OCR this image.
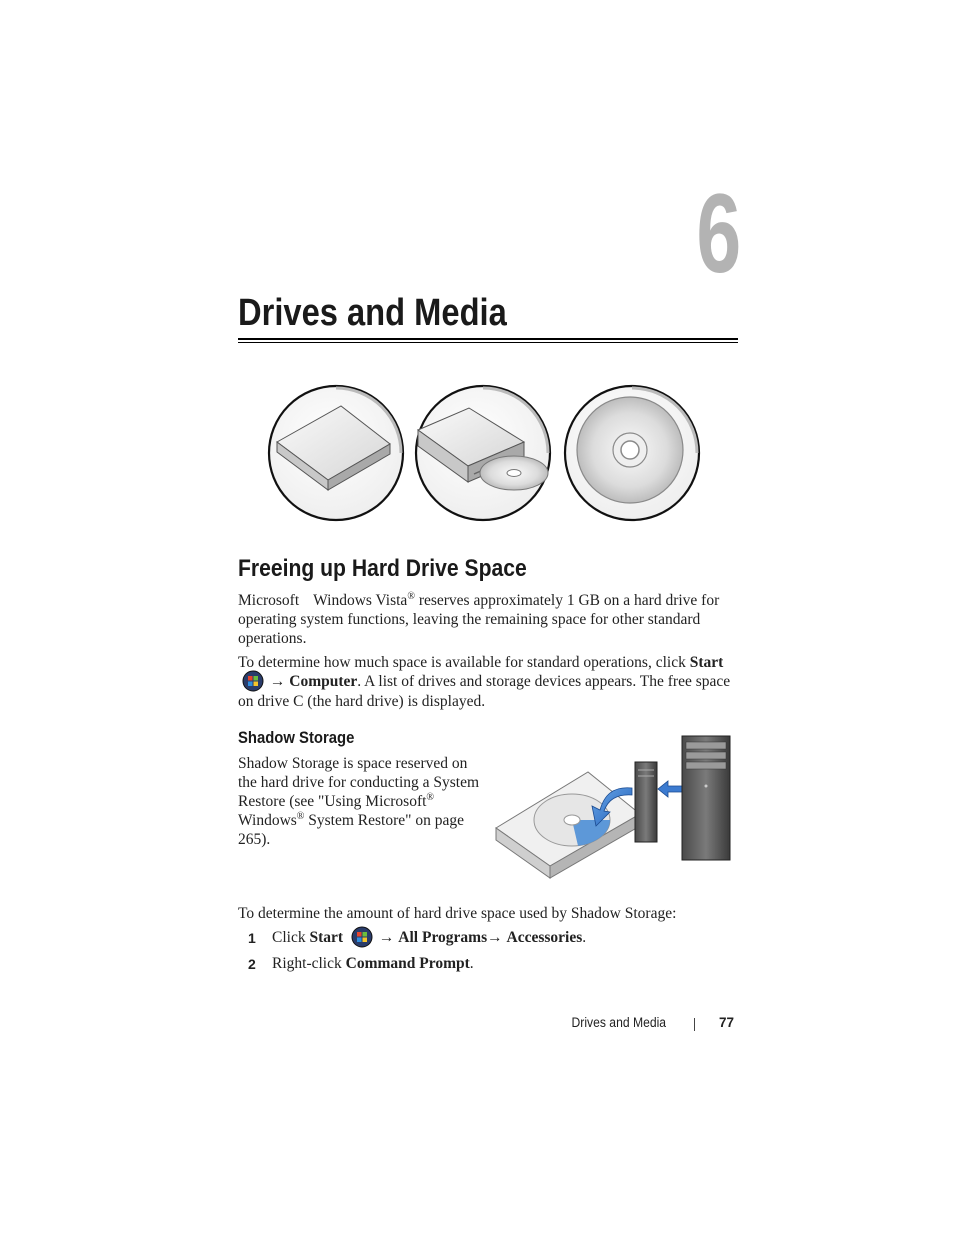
6
Drives and Media
Freeing up Hard Drive Space

Microsoft Windows Vista® reserves approximately 1 GB on a hard drive for operating system functions, leaving the remaining space for other standard operations.

To determine how much space is available for standard operations, click Start
→ Computer. A list of drives and storage devices appears. The free space on drive C (the hard drive) is displayed.

Shadow Storage

Shadow Storage is space reserved on the hard drive for conducting a System Restore (see "Using Microsoft® Windows® System Restore" on page 265).

To determine the amount of hard drive space used by Shadow Storage:

1 Click Start → All Programs→ Accessories.
2 Right-click Command Prompt.
Drives and Media	77
